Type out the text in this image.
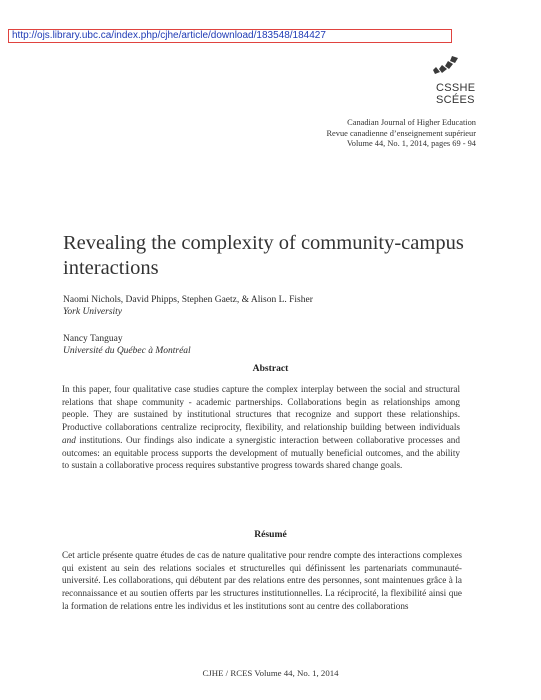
http://ojs.library.ubc.ca/index.php/cjhe/article/download/183548/184427
CSSHE
SCÉES
Canadian Journal of Higher Education
Revue canadienne d’enseignement supérieur
Volume 44, No. 1, 2014, pages 69 - 94
Revealing the complexity of community-campus interactions
Naomi Nichols, David Phipps, Stephen Gaetz, & Alison L. Fisher
York University
Nancy Tanguay
Université du Québec à Montréal
Abstract
In this paper, four qualitative case studies capture the complex interplay between the social and structural relations that shape community - academic partnerships. Collaborations begin as relationships among people. They are sustained by institutional structures that recognize and support these relationships. Productive collaborations centralize reciprocity, flexibility, and relationship building between individuals and institutions. Our findings also indicate a synergistic interaction between collaborative processes and outcomes: an equitable process supports the development of mutually beneficial outcomes, and the ability to sustain a collaborative process requires substantive progress towards shared change goals.
Résumé
Cet article présente quatre études de cas de nature qualitative pour rendre compte des interactions complexes qui existent au sein des relations sociales et structurelles qui définissent les partenariats communauté-université. Les collaborations, qui débutent par des relations entre des personnes, sont maintenues grâce à la reconnaissance et au soutien offerts par les structures institutionnelles. La réciprocité, la flexibilité ainsi que la formation de relations entre les individus et les institutions sont au centre des collaborations
CJHE / RCES Volume 44, No. 1, 2014
